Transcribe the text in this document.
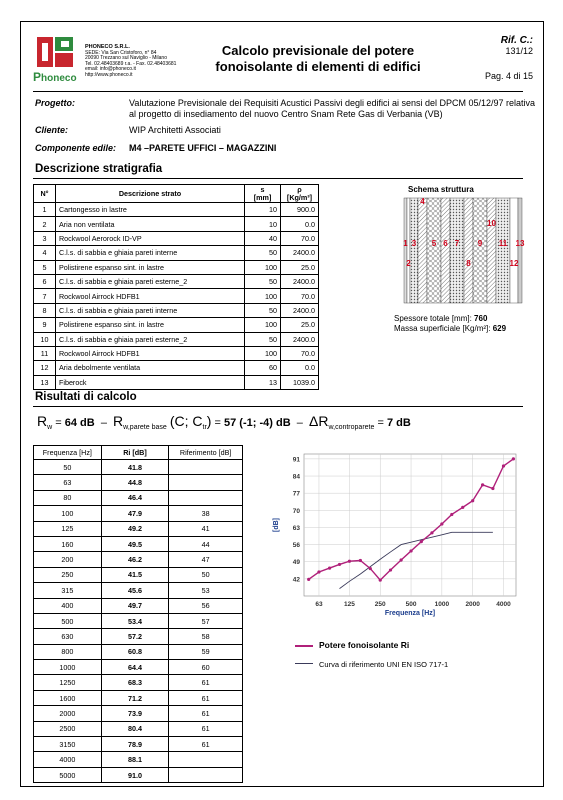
P honeco
PHONECO S.R.L.
SEDE: Via San Cristoforo, n° 84
20090 Trezzano sul Naviglio - Milano
Tel. 02.48403689 r.a. - Fax. 02.48403681
email: info@phoneco.it
http://www.phoneco.it
Calcolo previsionale del potere
fonoisolante di elementi di edifici
Rif. C.:
131/12
Pag. 4 di 15
Progetto:	Valutazione Previsionale dei Requisiti Acustici Passivi degli edifici ai sensi del DPCM 05/12/97 relativa al progetto di insediamento del nuovo Centro Snam Rete Gas di Verbania (VB)
Cliente:	WIP Architetti Associati
Componente edile:	M4 –PARETE UFFICI – MAGAZZINI
Descrizione stratigrafia
N°	Descrizione strato	s
[mm]	ρ
[Kg/m³]
1	Cartongesso in lastre	10	900.0
2	Aria non ventilata	10	0.0
3	Rockwool Aerorock ID-VP	40	70.0
4	C.l.s. di sabbia e ghiaia pareti interne	50	2400.0
5	Polistirene espanso sint. in lastre	100	25.0
6	C.l.s. di sabbia e ghiaia pareti esterne_2	50	2400.0
7	Rockwool Airrock HDFB1	100	70.0
8	C.l.s. di sabbia e ghiaia pareti interne	50	2400.0
9	Polistirene espanso sint. in lastre	100	25.0
10	C.l.s. di sabbia e ghiaia pareti esterne_2	50	2400.0
11	Rockwool Airrock HDFB1	100	70.0
12	Aria debolmente ventilata	60	0.0
13	Fiberock	13	1039.0
Schema struttura
1 3 5 6 7 9 11 13
2
4
8
10
12
Spessore totale [mm]: 760
Massa superficiale [Kg/m²]: 629
Risultati di calcolo
$R_w = 64$ dB  –  $R_{w,parete base}$ (C; $C_{tr}) = 57$ (-1; -4) dB  –  $\Delta R_{w,controparete} = 7$ dB
Frequenza [Hz]	Ri [dB]	Riferimento [dB]
50	41.8	
63	44.8	
80	46.4	
100	47.9	38
125	49.2	41
160	49.5	44
200	46.2	47
250	41.5	50
315	45.6	53
400	49.7	56
500	53.4	57
630	57.2	58
800	60.8	59
1000	64.4	60
1250	68.3	61
1600	71.2	61
2000	73.9	61
2500	80.4	61
3150	78.9	61
4000	88.1	
5000	91.0	
42
49
56
63
70
77
84
91
63	125	250	500	1000	2000	4000
Frequenza [Hz]
[dB]
Potere fonoisolante Ri
Curva di riferimento UNI EN ISO 717-1
